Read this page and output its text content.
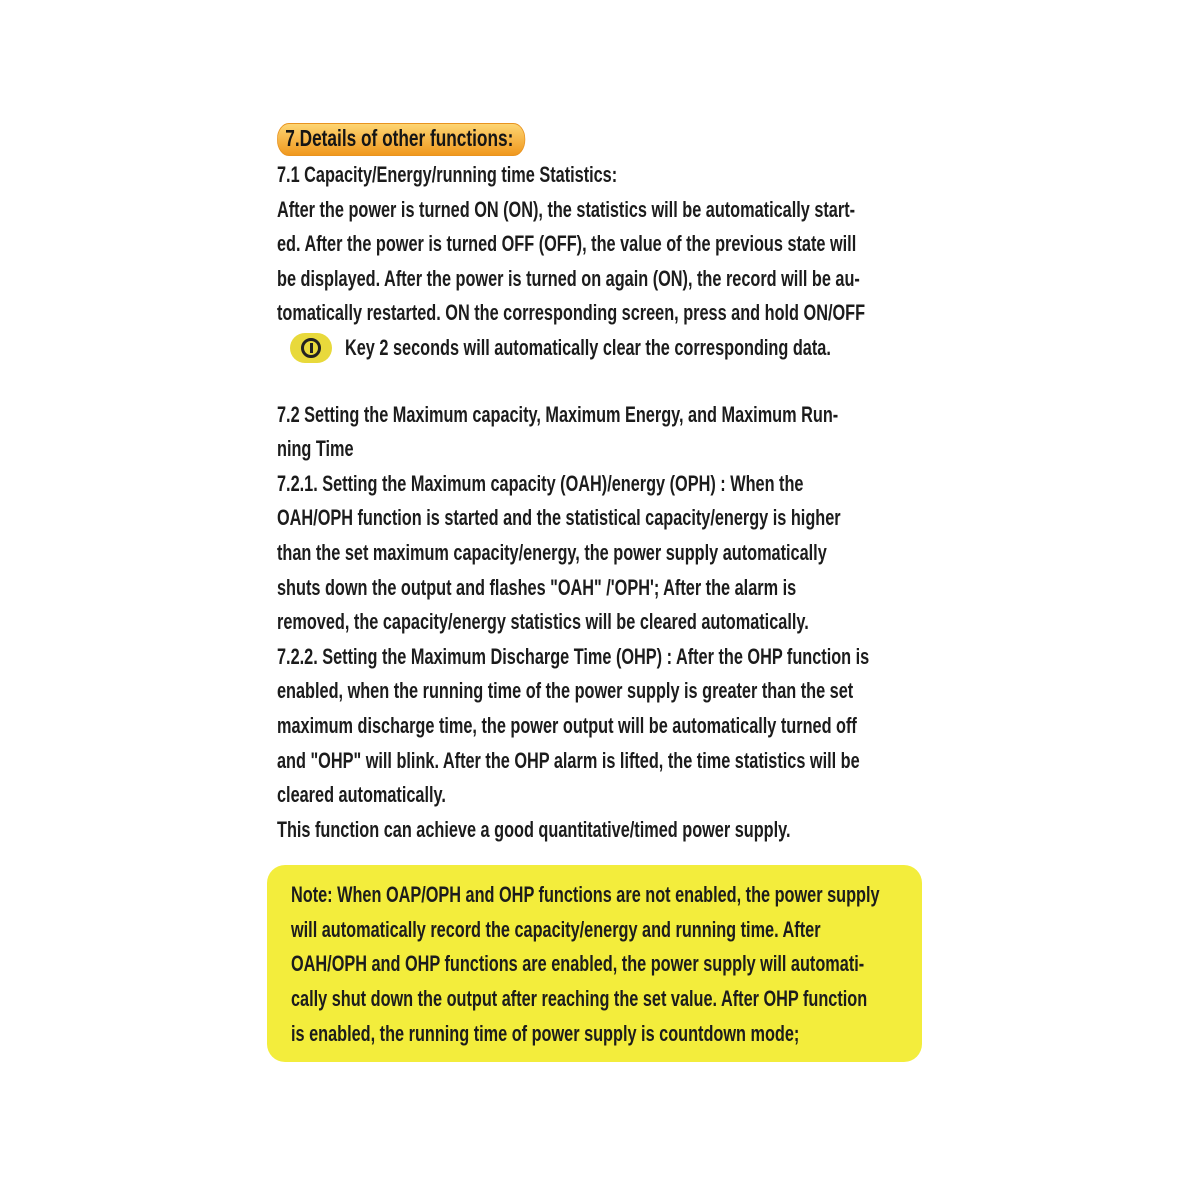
7.Details of other functions:
7.1 Capacity/Energy/running time Statistics:
After the power is turned ON (ON), the statistics will be automatically start-
ed. After the power is turned OFF (OFF), the value of the previous state will
be displayed. After the power is turned on again (ON), the record will be au-
tomatically restarted. ON the corresponding screen, press and hold ON/OFF
Key 2 seconds will automatically clear the corresponding data.
7.2 Setting the Maximum capacity, Maximum Energy, and Maximum Run-
ning Time
7.2.1. Setting the Maximum capacity (OAH)/energy (OPH) : When the
OAH/OPH function is started and the statistical capacity/energy is higher
than the set maximum capacity/energy, the power supply automatically
shuts down the output and flashes "OAH" /'OPH'; After the alarm is
removed, the capacity/energy statistics will be cleared automatically.
7.2.2. Setting the Maximum Discharge Time (OHP) : After the OHP function is
enabled, when the running time of the power supply is greater than the set
maximum discharge time, the power output will be automatically turned off
and "OHP" will blink. After the OHP alarm is lifted, the time statistics will be
cleared automatically.
This function can achieve a good quantitative/timed power supply.
Note: When OAP/OPH and OHP functions are not enabled, the power supply
will automatically record the capacity/energy and running time. After
OAH/OPH and OHP functions are enabled, the power supply will automati-
cally shut down the output after reaching the set value. After OHP function
is enabled, the running time of power supply is countdown mode;
